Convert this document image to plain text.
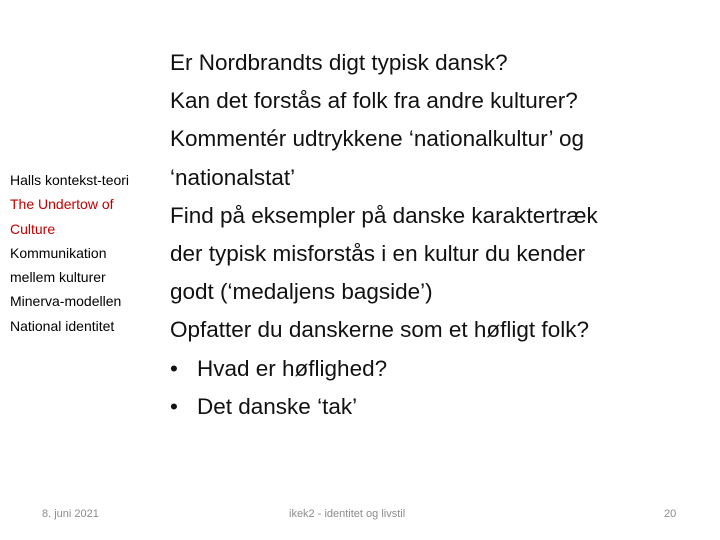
Halls kontekst-teori
The Undertow of
Culture
Kommunikation
mellem kulturer
Minerva-modellen
National identitet
Er Nordbrandts digt typisk dansk?
Kan det forstås af folk fra andre kulturer?
Kommentér udtrykkene ‘nationalkultur’ og
‘nationalstat’
Find på eksempler på danske karaktertræk
der typisk misforstås i en kultur du kender
godt (‘medaljens bagside’)
Opfatter du danskerne som et høfligt folk?
• Hvad er høflighed?
• Det danske ‘tak’
8. juni 2021	ikek2 - identitet og livstil	20
